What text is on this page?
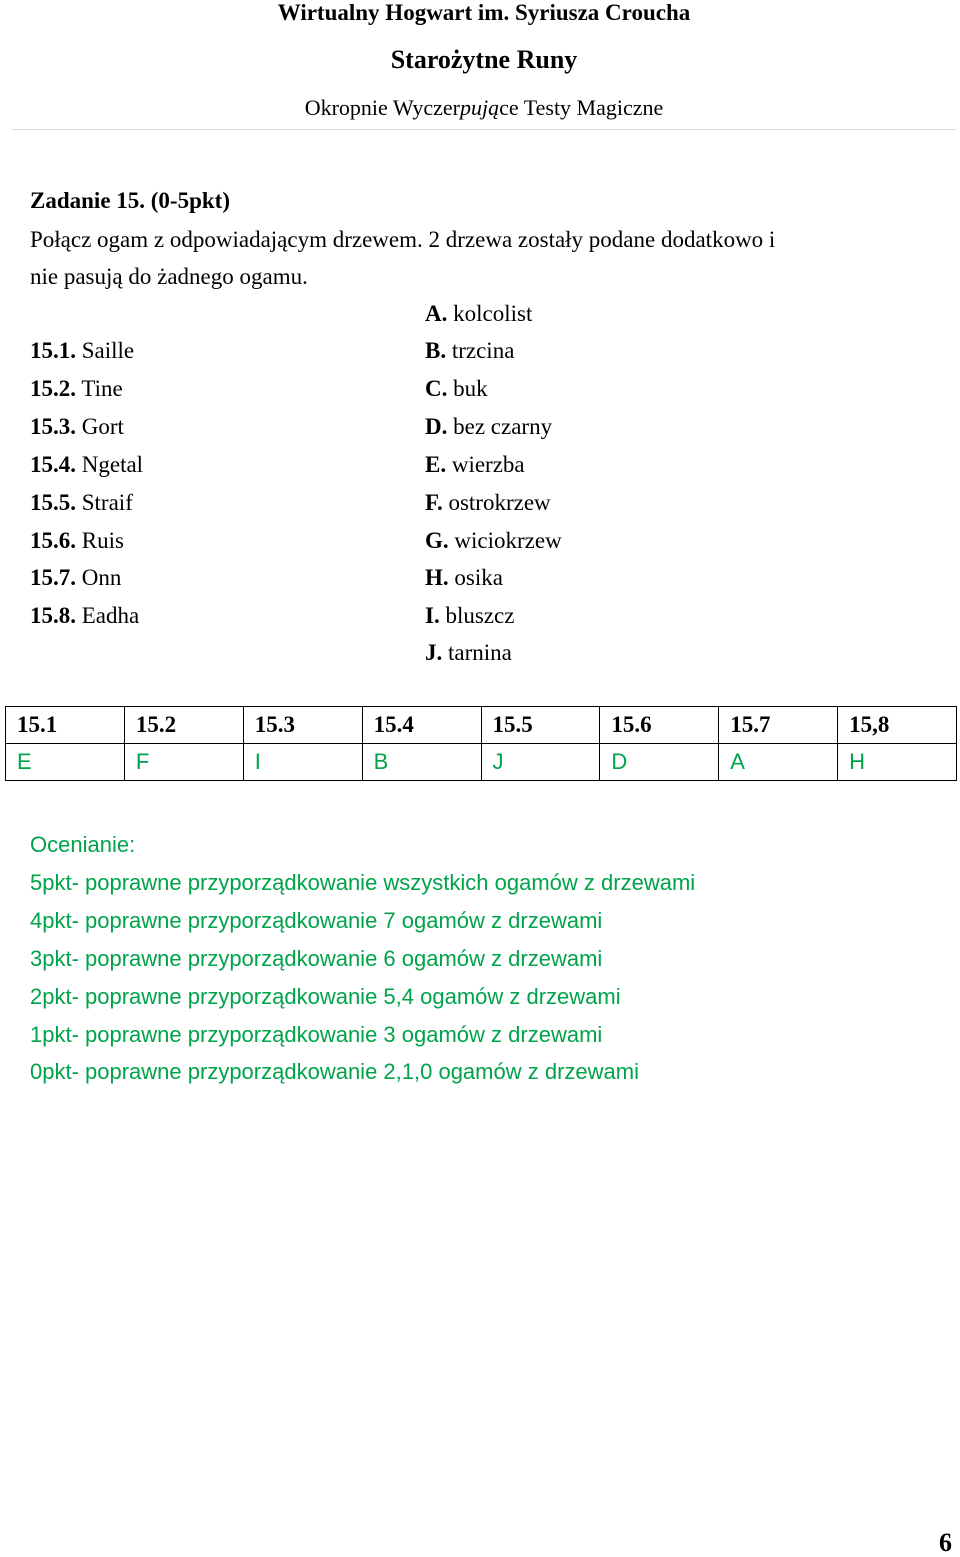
Wirtualny Hogwart im. Syriusza Croucha
Starożytne Runy
Okropnie Wyczerpujące Testy Magiczne
Zadanie 15. (0-5pkt)
Połącz ogam z odpowiadającym drzewem. 2 drzewa zostały podane dodatkowo i
nie pasują do żadnego ogamu.
15.1. Saille
15.2. Tine
15.3. Gort
15.4. Ngetal
15.5. Straif
15.6. Ruis
15.7. Onn
15.8. Eadha
A. kolcolist
B. trzcina
C. buk
D. bez czarny
E. wierzba
F. ostrokrzew
G. wiciokrzew
H. osika
I. bluszcz
J. tarnina
15.1	15.2	15.3	15.4	15.5	15.6	15.7	15,8
E	F	I	B	J	D	A	H
Ocenianie:
5pkt- poprawne przyporządkowanie wszystkich ogamów z drzewami
4pkt- poprawne przyporządkowanie 7 ogamów z drzewami
3pkt- poprawne przyporządkowanie 6 ogamów z drzewami
2pkt- poprawne przyporządkowanie 5,4 ogamów z drzewami
1pkt- poprawne przyporządkowanie 3 ogamów z drzewami
0pkt- poprawne przyporządkowanie 2,1,0 ogamów z drzewami
6
